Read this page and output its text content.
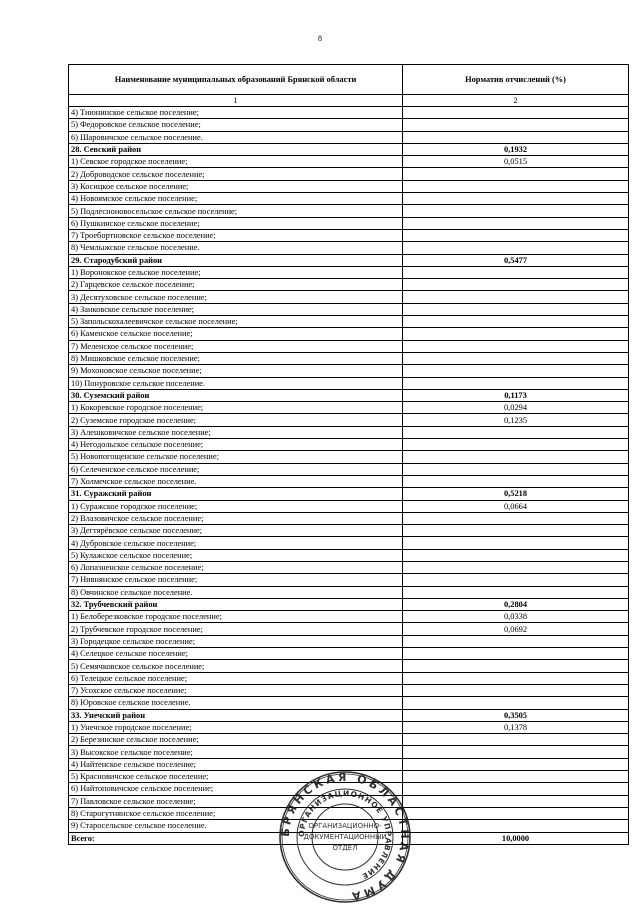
8
Наименование муниципальных образований Брянской области	Норматив отчислений (%)
1	2
4) Тиюнинское сельское поселение;	
5) Федоровское сельское поселение;	
6) Шаровичское сельское поселение.	
28. Севский район	0,1932
1) Севское городское поселение;	0,0515
2) Доброводское сельское поселение;	
3) Косицкое сельское поселение;	
4) Новоямское сельское поселение;	
5) Подлесноновосельское сельское поселение;	
6) Пушкинское сельское поселение;	
7) Троебортновское сельское поселение;	
8) Чемлыжское сельское поселение.	
29. Стародубский район	0,5477
1) Воронокское сельское поселение;	
2) Гарцевское сельское поселение;	
3) Десятуховское сельское поселение;	
4) Занковское сельское поселение;	
5) Запольскохалеевичское сельское поселение;	
6) Каменское сельское поселение;	
7) Меленское сельское поселение;	
8) Мишковское сельское поселение;	
9) Мохоновское сельское поселение;	
10) Понуровское сельское поселение.	
30. Суземский район	0,1173
1) Кокоревское городское поселение;	0,0294
2) Суземское городское поселение;	0,1235
3) Алешковичское сельское поселение;	
4) Негодольское сельское поселение;	
5) Новопогощенское сельское поселение;	
6) Селеченское сельское поселение;	
7) Холмечское сельское поселение.	
31. Суражский район	0,5218
1) Суражское городское поселение;	0,0664
2) Влазовичское сельское поселение;	
3) Дегтярёвское сельское поселение;	
4) Дубровское сельское поселение;	
5) Кулажское сельское поселение;	
6) Лопазненское сельское поселение;	
7) Нивнянское сельское поселение;	
8) Овчинское сельское поселение.	
32. Трубчевский район	0,2804
1) Белоберезковское городское поселение;	0,0338
2) Трубчевское городское поселение;	0,0692
3) Городецкое сельское поселение;	
4) Селецкое сельское поселение;	
5) Семячковское сельское поселение;	
6) Телецкое сельское поселение;	
7) Усохское сельское поселение;	
8) Юровское сельское поселение.	
33. Унечский район	0,3505
1) Унечское городское поселение;	0,1378
2) Березинское сельское поселение;	
3) Высокское сельское поселение;	
4) Найтенское сельское поселение;	
5) Красновичское сельское поселение;	
6) Найтоповичское сельское поселение;	
7) Павловское сельское поселение;	
8) Старогутнянское сельское поселение;	
9) Старосельское сельское поселение.	
Всего:	10,0000
БРЯНСКАЯ ОБЛАСТНАЯ ДУМА
ОРГАНИЗАЦИОННОЕ УПРАВЛЕНИЕ
ОРГАНИЗАЦИОННО-
ДОКУМЕНТАЦИОННЫЙ
ОТДЕЛ
